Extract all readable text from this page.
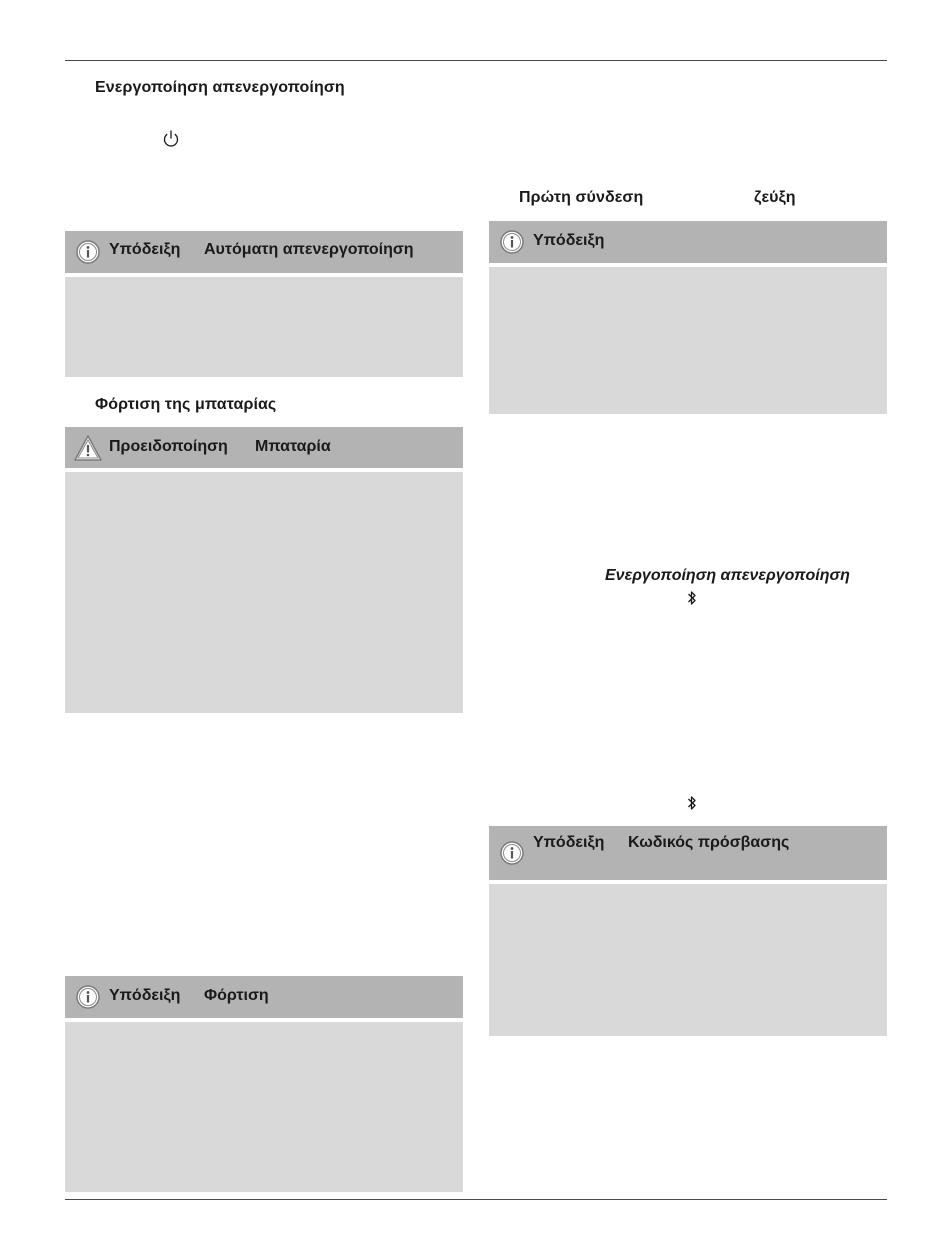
Ενεργοποίηση απενεργοποίηση
Υπόδειξη Αυτόματη απενεργοποίηση
Φόρτιση της μπαταρίας
Προειδοποίηση Μπαταρία
Υπόδειξη Φόρτιση
Πρώτη σύνδεση	ζεύξη
Υπόδειξη
Ενεργοποίηση απενεργοποίηση
Υπόδειξη Κωδικός πρόσβασης
